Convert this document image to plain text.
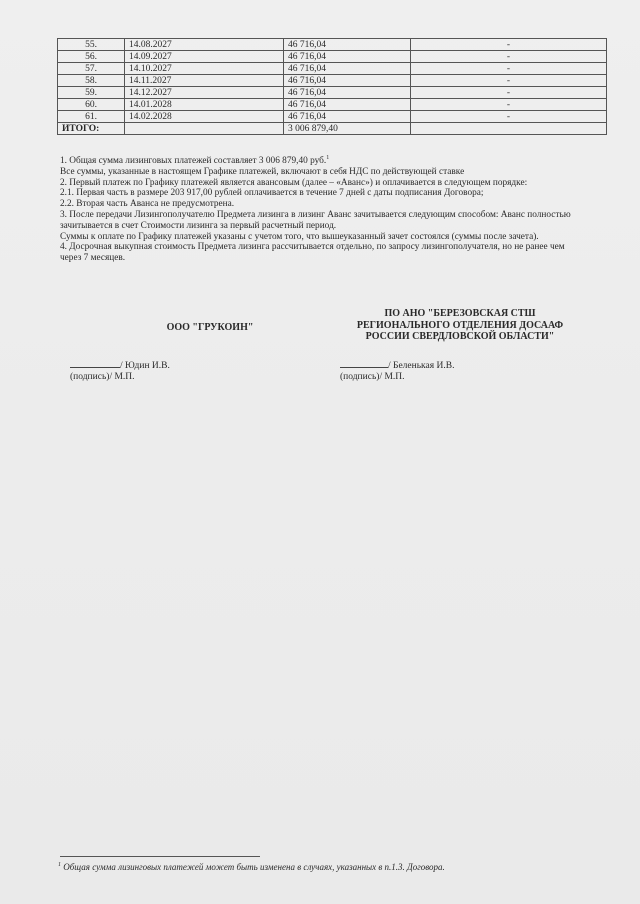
55.	14.08.2027	46 716,04	-
56.	14.09.2027	46 716,04	-
57.	14.10.2027	46 716,04	-
58.	14.11.2027	46 716,04	-
59.	14.12.2027	46 716,04	-
60.	14.01.2028	46 716,04	-
61.	14.02.2028	46 716,04	-
ИТОГО:		3 006 879,40	

1. Общая сумма лизинговых платежей составляет 3 006 879,40 руб.$^1$

Все суммы, указанные в настоящем Графике платежей, включают в себя НДС по действующей ставке

2. Первый платеж по Графику платежей является авансовым (далее – «Аванс») и оплачивается в следующем порядке:

2.1. Первая часть в размере 203 917,00 рублей оплачивается в течение 7 дней с даты подписания Договора;

2.2. Вторая часть Аванса не предусмотрена.

3. После передачи Лизингополучателю Предмета лизинга в лизинг Аванс зачитывается следующим способом: Аванс полностью зачитывается в счет Стоимости лизинга за первый расчетный период.

Суммы к оплате по Графику платежей указаны с учетом того, что вышеуказанный зачет состоялся (суммы после зачета).

4. Досрочная выкупная стоимость Предмета лизинга рассчитывается отдельно, по запросу лизингополучателя, но не ранее чем через 7 месяцев.

ООО "ГРУКОИН"
ПО АНО "БЕРЕЗОВСКАЯ СТШ
РЕГИОНАЛЬНОГО ОТДЕЛЕНИЯ ДОСААФ
РОССИИ СВЕРДЛОВСКОЙ ОБЛАСТИ"
/ Юдин И.В.
(подпись)/ М.П.
/ Беленькая И.В.
(подпись)/ М.П.
$^1$ Общая сумма лизинговых платежей может быть изменена в случаях, указанных в п.1.3. Договора.
